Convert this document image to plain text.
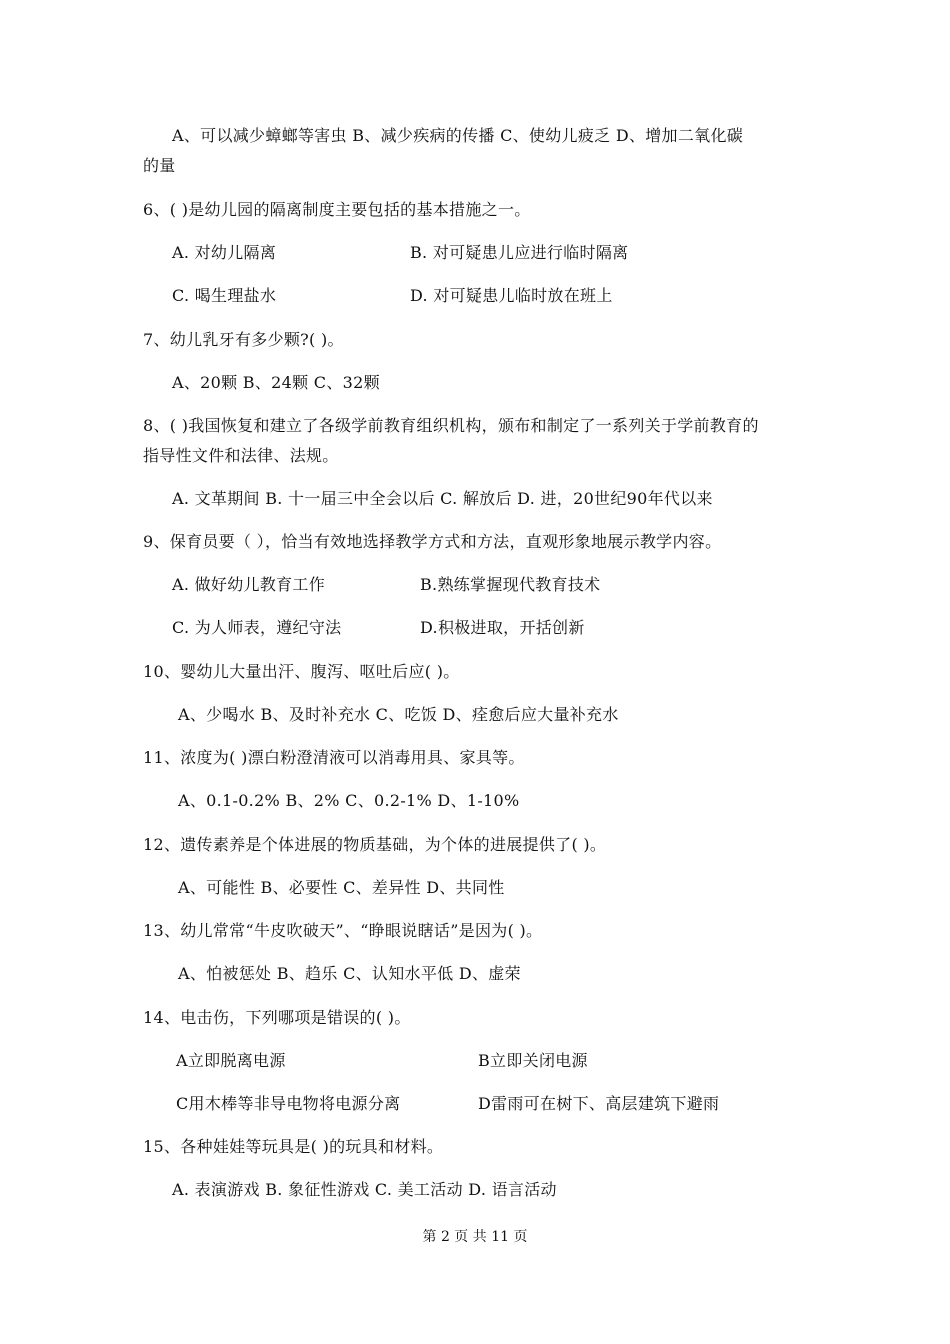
A、可以减少蟑螂等害虫 B、减少疾病的传播 C、使幼儿疲乏 D、增加二氧化碳
的量
6、( )是幼儿园的隔离制度主要包括的基本措施之一。
A. 对幼儿隔离	B. 对可疑患儿应进行临时隔离
C. 喝生理盐水	D. 对可疑患儿临时放在班上
7、幼儿乳牙有多少颗?( )。
A、20颗 B、24颗 C、32颗
8、( )我国恢复和建立了各级学前教育组织机构，颁布和制定了一系列关于学前教育的
指导性文件和法律、法规。
A. 文革期间 B. 十一届三中全会以后 C. 解放后 D. 进，20世纪90年代以来
9、保育员要（ ），恰当有效地选择教学方式和方法，直观形象地展示教学内容。
A. 做好幼儿教育工作	B.熟练掌握现代教育技术
C. 为人师表，遵纪守法	D.积极进取，开括创新
10、婴幼儿大量出汗、腹泻、呕吐后应( )。
A、少喝水 B、及时补充水 C、吃饭 D、痊愈后应大量补充水
11、浓度为( )漂白粉澄清液可以消毒用具、家具等。
A、0.1-0.2% B、2% C、0.2-1% D、1-10%
12、遗传素养是个体进展的物质基础，为个体的进展提供了( )。
A、可能性 B、必要性 C、差异性 D、共同性
13、幼儿常常“牛皮吹破天”、“睁眼说瞎话”是因为( )。
A、怕被惩处 B、趋乐 C、认知水平低 D、虚荣
14、电击伤，下列哪项是错误的( )。
A立即脱离电源	B立即关闭电源
C用木棒等非导电物将电源分离	D雷雨可在树下、高层建筑下避雨
15、各种娃娃等玩具是( )的玩具和材料。
A. 表演游戏 B. 象征性游戏 C. 美工活动 D. 语言活动
第 2 页 共 11 页
